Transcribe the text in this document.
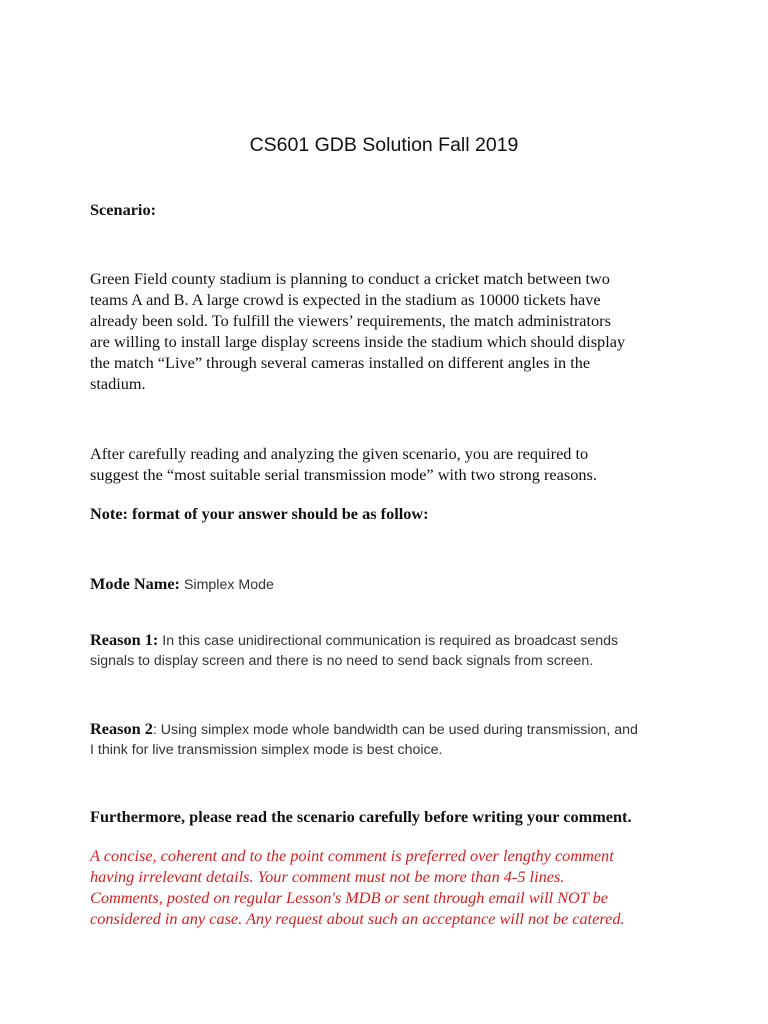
CS601 GDB Solution Fall 2019
Scenario:
Green Field county stadium is planning to conduct a cricket match between two
teams A and B. A large crowd is expected in the stadium as 10000 tickets have
already been sold. To fulfill the viewers’ requirements, the match administrators
are willing to install large display screens inside the stadium which should display
the match “Live” through several cameras installed on different angles in the
stadium.
After carefully reading and analyzing the given scenario, you are required to
suggest the “most suitable serial transmission mode” with two strong reasons.
Note: format of your answer should be as follow:
Mode Name: Simplex Mode
Reason 1: In this case unidirectional communication is required as broadcast sends
signals to display screen and there is no need to send back signals from screen.
Reason 2: Using simplex mode whole bandwidth can be used during transmission, and
I think for live transmission simplex mode is best choice.
Furthermore, please read the scenario carefully before writing your comment.
A concise, coherent and to the point comment is preferred over lengthy comment
having irrelevant details. Your comment must not be more than 4-5 lines.
Comments, posted on regular Lesson's MDB or sent through email will NOT be
considered in any case. Any request about such an acceptance will not be catered.
